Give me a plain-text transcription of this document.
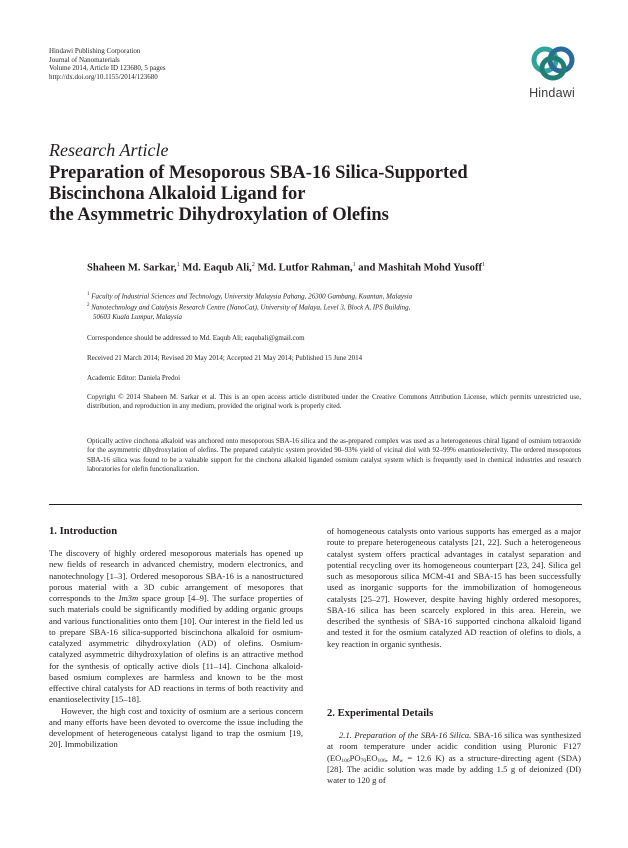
Hindawi Publishing Corporation
Journal of Nanomaterials
Volume 2014, Article ID 123680, 5 pages
http://dx.doi.org/10.1155/2014/123680
Hindawi
Research Article
Preparation of Mesoporous SBA-16 Silica-Supported
Biscinchona Alkaloid Ligand for
the Asymmetric Dihydroxylation of Olefins
Shaheen M. Sarkar,$^1$ Md. Eaqub Ali,$^2$ Md. Lutfor Rahman,$^1$ and Mashitah Mohd Yusoff$^1$
$^1$ Faculty of Industrial Sciences and Technology, University Malaysia Pahang, 26300 Gambang, Kuantan, Malaysia
$^2$ Nanotechnology and Catalysis Research Centre (NanoCat), University of Malaya, Level 3, Block A, IPS Building,
50603 Kuala Lumpur, Malaysia
Correspondence should be addressed to Md. Eaqub Ali; eaqubali@gmail.com
Received 21 March 2014; Revised 20 May 2014; Accepted 21 May 2014; Published 15 June 2014
Academic Editor: Daniela Predoi
Copyright © 2014 Shaheen M. Sarkar et al. This is an open access article distributed under the Creative Commons Attribution License, which permits unrestricted use, distribution, and reproduction in any medium, provided the original work is properly cited.
Optically active cinchona alkaloid was anchored onto mesoporous SBA-16 silica and the as-prepared complex was used as a heterogeneous chiral ligand of osmium tetraoxide for the asymmetric dihydroxylation of olefins. The prepared catalytic system provided 90–93% yield of vicinal diol with 92–99% enantioselectivity. The ordered mesoporous SBA-16 silica was found to be a valuable support for the cinchona alkaloid liganded osmium catalyst system which is frequently used in chemical industries and research laboratories for olefin functionalization.
1. Introduction

The discovery of highly ordered mesoporous materials has opened up new fields of research in advanced chemistry, modern electronics, and nanotechnology [1–3]. Ordered mesoporous SBA-16 is a nanostructured porous material with a 3D cubic arrangement of mesopores that corresponds to the Im3m space group [4–9]. The surface properties of such materials could be significantly modified by adding organic groups and various functionalities onto them [10]. Our interest in the field led us to prepare SBA-16 silica-supported biscinchona alkaloid for osmium-catalyzed asymmetric dihydroxylation (AD) of olefins. Osmium-catalyzed asymmetric dihydroxylation of olefins is an attractive method for the synthesis of optically active diols [11–14]. Cinchona alkaloid-based osmium complexes are harmless and known to be the most effective chiral catalysts for AD reactions in terms of both reactivity and enantioselectivity [15–18].

However, the high cost and toxicity of osmium are a serious concern and many efforts have been devoted to overcome the issue including the development of heterogeneous catalyst ligand to trap the osmium [19, 20]. Immobilization

of homogeneous catalysts onto various supports has emerged as a major route to prepare heterogeneous catalysts [21, 22]. Such a heterogeneous catalyst system offers practical advantages in catalyst separation and potential recycling over its homogeneous counterpart [23, 24]. Silica gel such as mesoporous silica MCM-41 and SBA-15 has been successfully used as inorganic supports for the immobilization of homogeneous catalysts [25–27]. However, despite having highly ordered mesopores, SBA-16 silica has been scarcely explored in this area. Herein, we described the synthesis of SBA-16 supported cinchona alkaloid ligand and tested it for the osmium catalyzed AD reaction of olefins to diols, a key reaction in organic synthesis.

2. Experimental Details

2.1. Preparation of the SBA-16 Silica. SBA-16 silica was synthesized at room temperature under acidic condition using Pluronic F127 ($EO_{106}PO_{70}EO_{106}$, $M_w = 12.6$ K) as a structure-directing agent (SDA) [28]. The acidic solution was made by adding 1.5 g of deionized (DI) water to 120 g of
